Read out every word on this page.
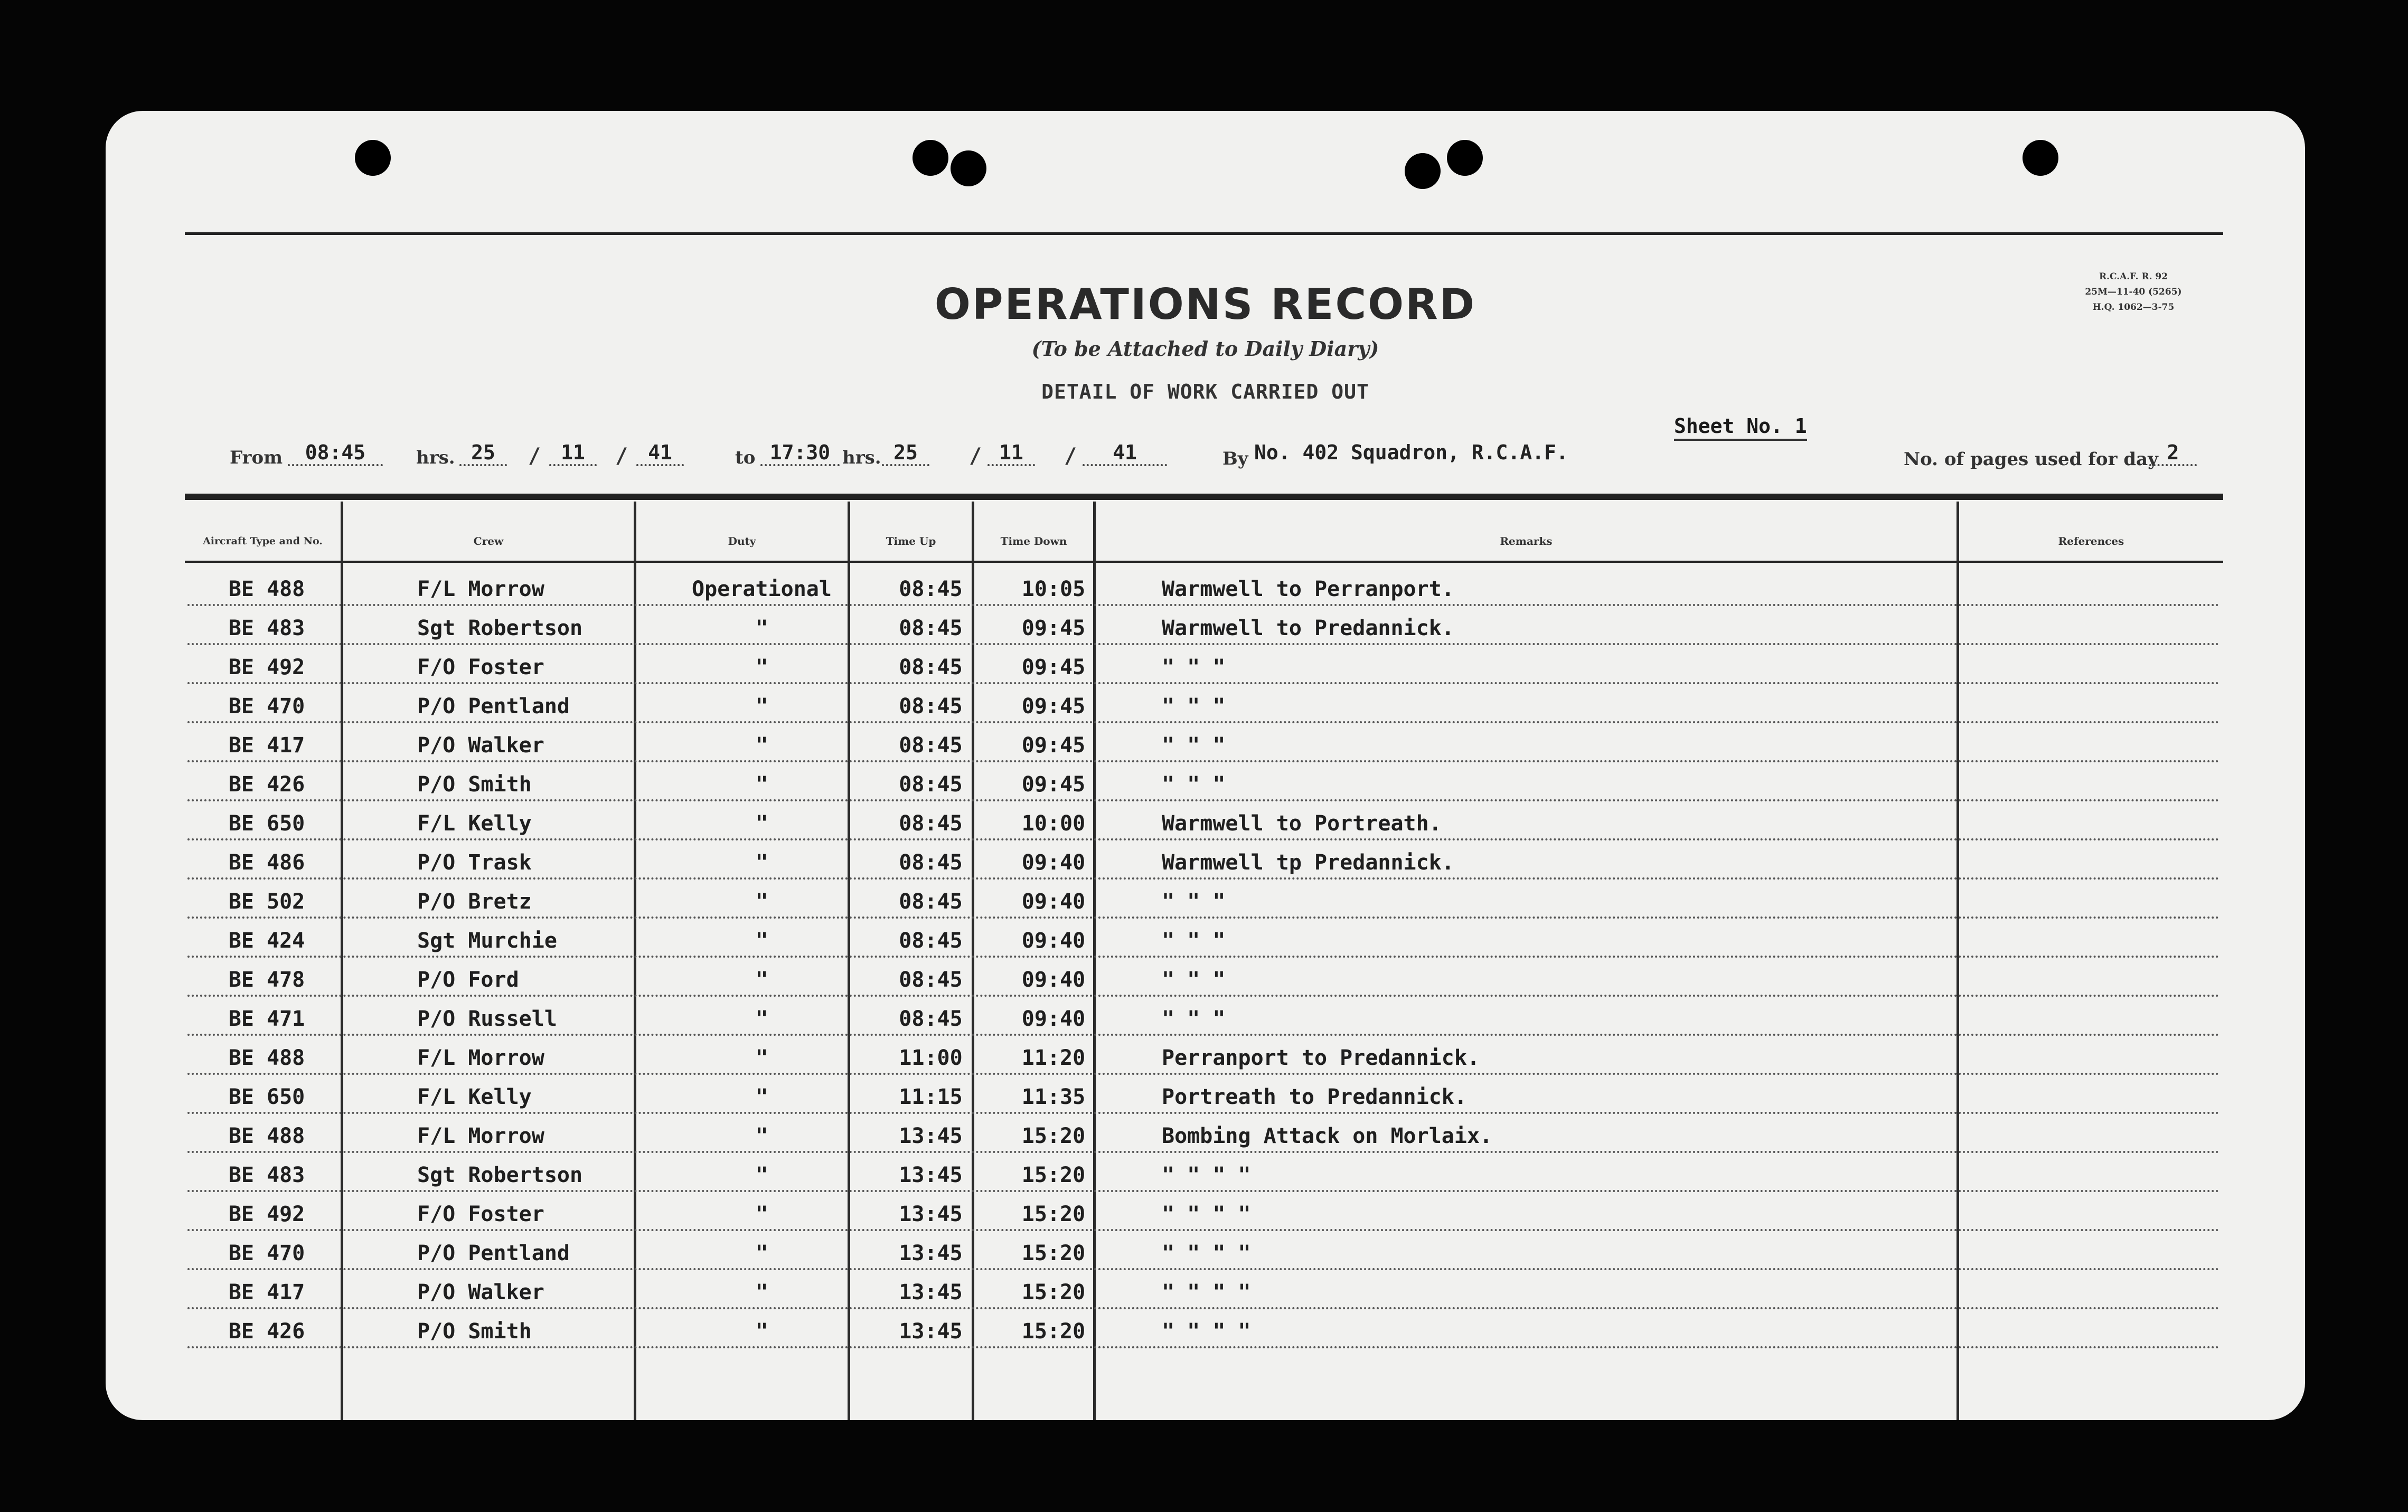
R.C.A.F. R. 92
25M—11-40 (5265)
H.Q. 1062—3-75
OPERATIONS RECORD
(To be Attached to Daily Diary)
DETAIL OF WORK CARRIED OUT
Sheet No. 1
From	08:45	hrs. 25	/	11	/	41	to 17:30 hrs. 25	/ 11	/	41	By No. 402 Squadron, R.C.A.F.	No. of pages used for day 2
Aircraft Type and No.	Crew	Duty	Time Up	Time Down	Remarks	References
BE 488	F/L Morrow	Operational	08:45	10:05	Warmwell to Perranport.
BE 483	Sgt Robertson	"	08:45	09:45	Warmwell to Predannick.
BE 492	F/O Foster	"	08:45	09:45	" " "
BE 470	P/O Pentland	"	08:45	09:45	" " "
BE 417	P/O Walker	"	08:45	09:45	" " "
BE 426	P/O Smith	"	08:45	09:45	" " "
BE 650	F/L Kelly	"	08:45	10:00	Warmwell to Portreath.
BE 486	P/O Trask	"	08:45	09:40	Warmwell tp Predannick.
BE 502	P/O Bretz	"	08:45	09:40	" " "
BE 424	Sgt Murchie	"	08:45	09:40	" " "
BE 478	P/O Ford	"	08:45	09:40	" " "
BE 471	P/O Russell	"	08:45	09:40	" " "
BE 488	F/L Morrow	"	11:00	11:20	Perranport to Predannick.
BE 650	F/L Kelly	"	11:15	11:35	Portreath to Predannick.
BE 488	F/L Morrow	"	13:45	15:20	Bombing Attack on Morlaix.
BE 483	Sgt Robertson	"	13:45	15:20	" " " "
BE 492	F/O Foster	"	13:45	15:20	" " " "
BE 470	P/O Pentland	"	13:45	15:20	" " " "
BE 417	P/O Walker	"	13:45	15:20	" " " "
BE 426	P/O Smith	"	13:45	15:20	" " " "
